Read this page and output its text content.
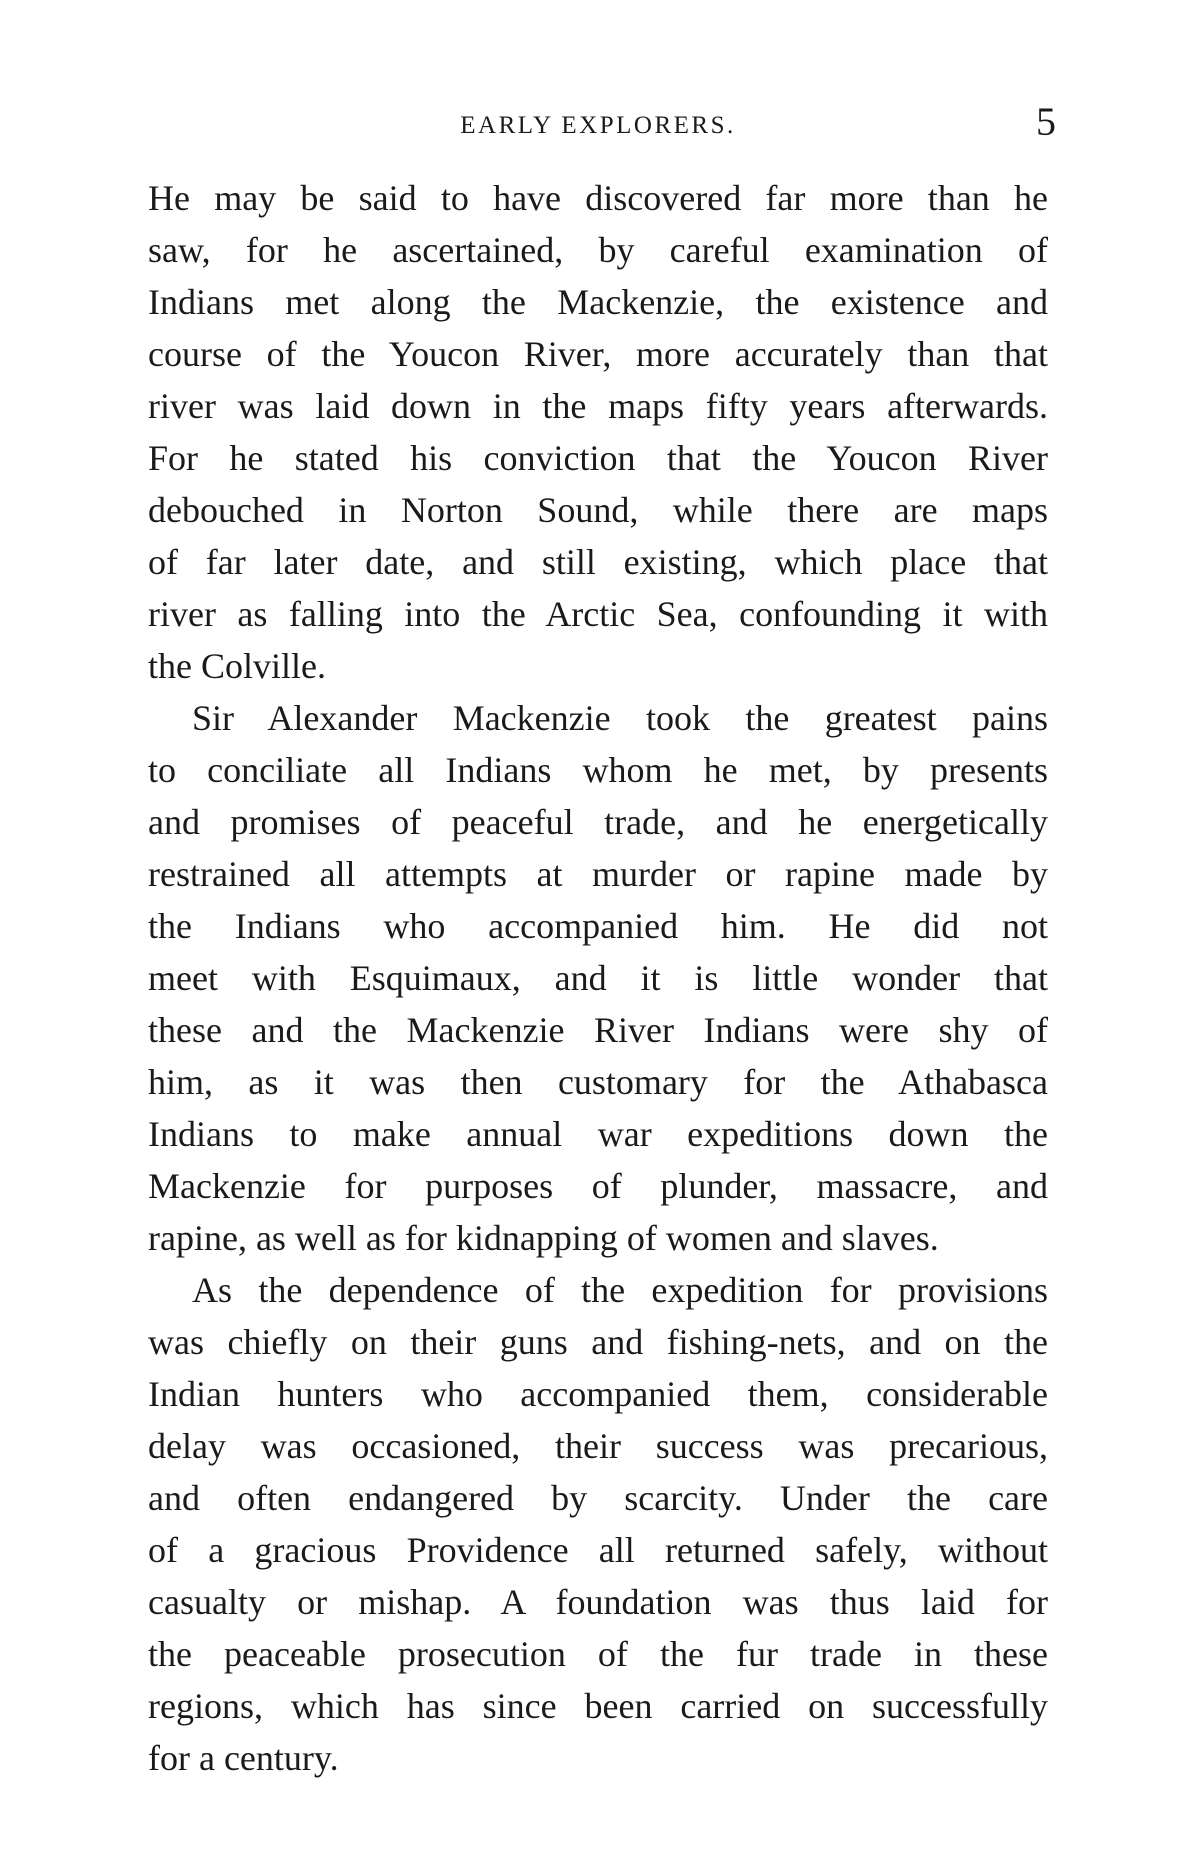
EARLY EXPLORERS.	5
He may be said to have discovered far more than he
saw, for he ascertained, by careful examination of
Indians met along the Mackenzie, the existence and
course of the Youcon River, more accurately than that
river was laid down in the maps fifty years afterwards.
For he stated his conviction that the Youcon River
debouched in Norton Sound, while there are maps
of far later date, and still existing, which place that
river as falling into the Arctic Sea, confounding it with
the Colville.
Sir Alexander Mackenzie took the greatest pains
to conciliate all Indians whom he met, by presents
and promises of peaceful trade, and he energetically
restrained all attempts at murder or rapine made by
the Indians who accompanied him. He did not
meet with Esquimaux, and it is little wonder that
these and the Mackenzie River Indians were shy of
him, as it was then customary for the Athabasca
Indians to make annual war expeditions down the
Mackenzie for purposes of plunder, massacre, and
rapine, as well as for kidnapping of women and slaves.
As the dependence of the expedition for provisions
was chiefly on their guns and fishing-nets, and on the
Indian hunters who accompanied them, considerable
delay was occasioned, their success was precarious,
and often endangered by scarcity. Under the care
of a gracious Providence all returned safely, without
casualty or mishap. A foundation was thus laid for
the peaceable prosecution of the fur trade in these
regions, which has since been carried on successfully
for a century.
